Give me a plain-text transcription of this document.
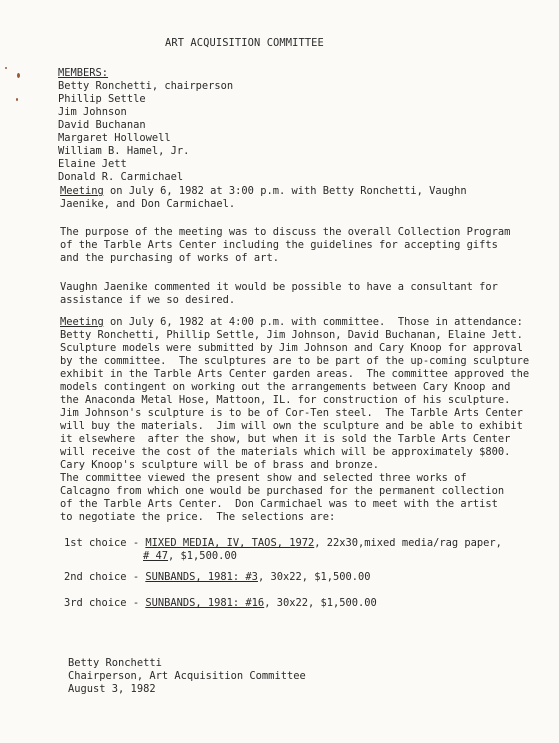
ART ACQUISITION COMMITTEE
MEMBERS:
Betty Ronchetti, chairperson
Phillip Settle
Jim Johnson
David Buchanan
Margaret Hollowell
William B. Hamel, Jr.
Elaine Jett
Donald R. Carmichael
Meeting on July 6, 1982 at 3:00 p.m. with Betty Ronchetti, Vaughn
Jaenike, and Don Carmichael.
The purpose of the meeting was to discuss the overall Collection Program
of the Tarble Arts Center including the guidelines for accepting gifts
and the purchasing of works of art.
Vaughn Jaenike commented it would be possible to have a consultant for
assistance if we so desired.
Meeting on July 6, 1982 at 4:00 p.m. with committee.  Those in attendance:
Betty Ronchetti, Phillip Settle, Jim Johnson, David Buchanan, Elaine Jett.
Sculpture models were submitted by Jim Johnson and Cary Knoop for approval
by the committee.  The sculptures are to be part of the up-coming sculpture
exhibit in the Tarble Arts Center garden areas.  The committee approved the
models contingent on working out the arrangements between Cary Knoop and
the Anaconda Metal Hose, Mattoon, IL. for construction of his sculpture.
Jim Johnson's sculpture is to be of Cor-Ten steel.  The Tarble Arts Center
will buy the materials.  Jim will own the sculpture and be able to exhibit
it elsewhere  after the show, but when it is sold the Tarble Arts Center
will receive the cost of the materials which will be approximately $800.
Cary Knoop's sculpture will be of brass and bronze.
The committee viewed the present show and selected three works of
Calcagno from which one would be purchased for the permanent collection
of the Tarble Arts Center.  Don Carmichael was to meet with the artist
to negotiate the price.  The selections are:
1st choice - MIXED MEDIA, IV, TAOS, 1972, 22x30,mixed media/rag paper,
# 47, $1,500.00
2nd choice - SUNBANDS, 1981: #3, 30x22, $1,500.00
3rd choice - SUNBANDS, 1981: #16, 30x22, $1,500.00
Betty Ronchetti
Chairperson, Art Acquisition Committee
August 3, 1982
